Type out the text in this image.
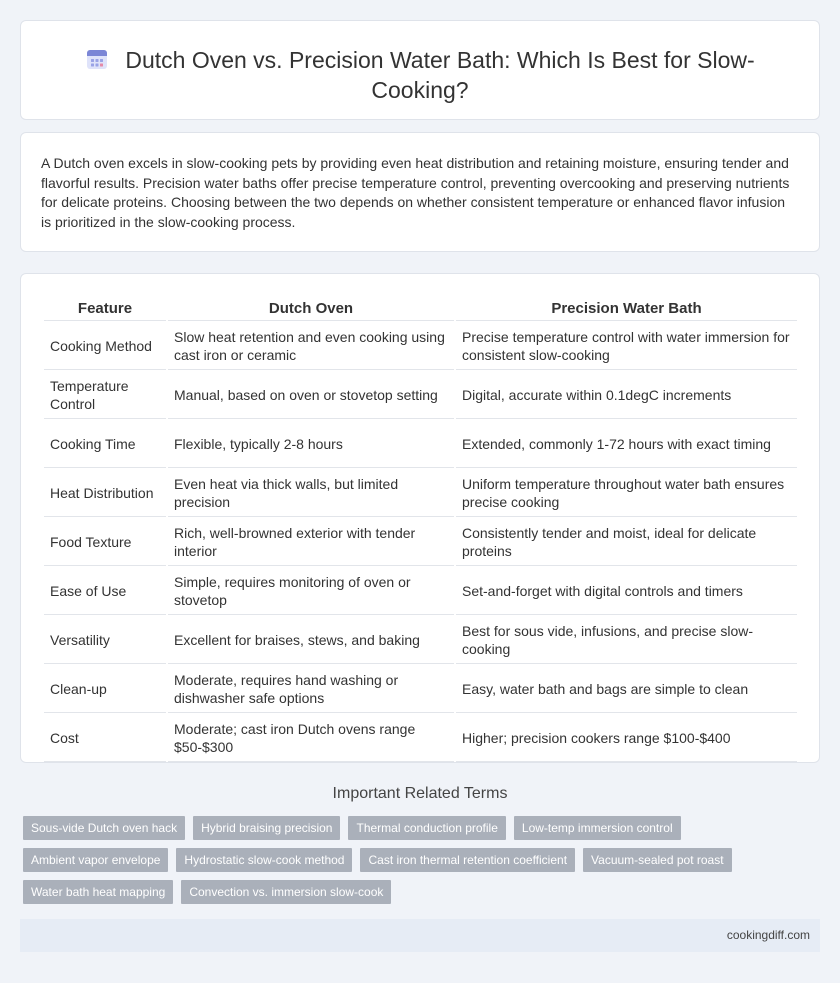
Dutch Oven vs. Precision Water Bath: Which Is Best for Slow-Cooking?

A Dutch oven excels in slow-cooking pets by providing even heat distribution and retaining moisture, ensuring tender and flavorful results. Precision water baths offer precise temperature control, preventing overcooking and preserving nutrients for delicate proteins. Choosing between the two depends on whether consistent temperature or enhanced flavor infusion is prioritized in the slow-cooking process.

Feature	Dutch Oven	Precision Water Bath
Cooking Method	Slow heat retention and even cooking using cast iron or ceramic	Precise temperature control with water immersion for consistent slow-cooking
Temperature Control	Manual, based on oven or stovetop setting	Digital, accurate within 0.1degC increments
Cooking Time	Flexible, typically 2-8 hours	Extended, commonly 1-72 hours with exact timing
Heat Distribution	Even heat via thick walls, but limited precision	Uniform temperature throughout water bath ensures precise cooking
Food Texture	Rich, well-browned exterior with tender interior	Consistently tender and moist, ideal for delicate proteins
Ease of Use	Simple, requires monitoring of oven or stovetop	Set-and-forget with digital controls and timers
Versatility	Excellent for braises, stews, and baking	Best for sous vide, infusions, and precise slow-cooking
Clean-up	Moderate, requires hand washing or dishwasher safe options	Easy, water bath and bags are simple to clean
Cost	Moderate; cast iron Dutch ovens range $50-$300	Higher; precision cookers range $100-$400
Important Related Terms
Sous-vide Dutch oven hack	Hybrid braising precision	Thermal conduction profile	Low-temp immersion control
Ambient vapor envelope	Hydrostatic slow-cook method	Cast iron thermal retention coefficient	Vacuum-sealed pot roast
Water bath heat mapping	Convection vs. immersion slow-cook
cookingdiff.com
